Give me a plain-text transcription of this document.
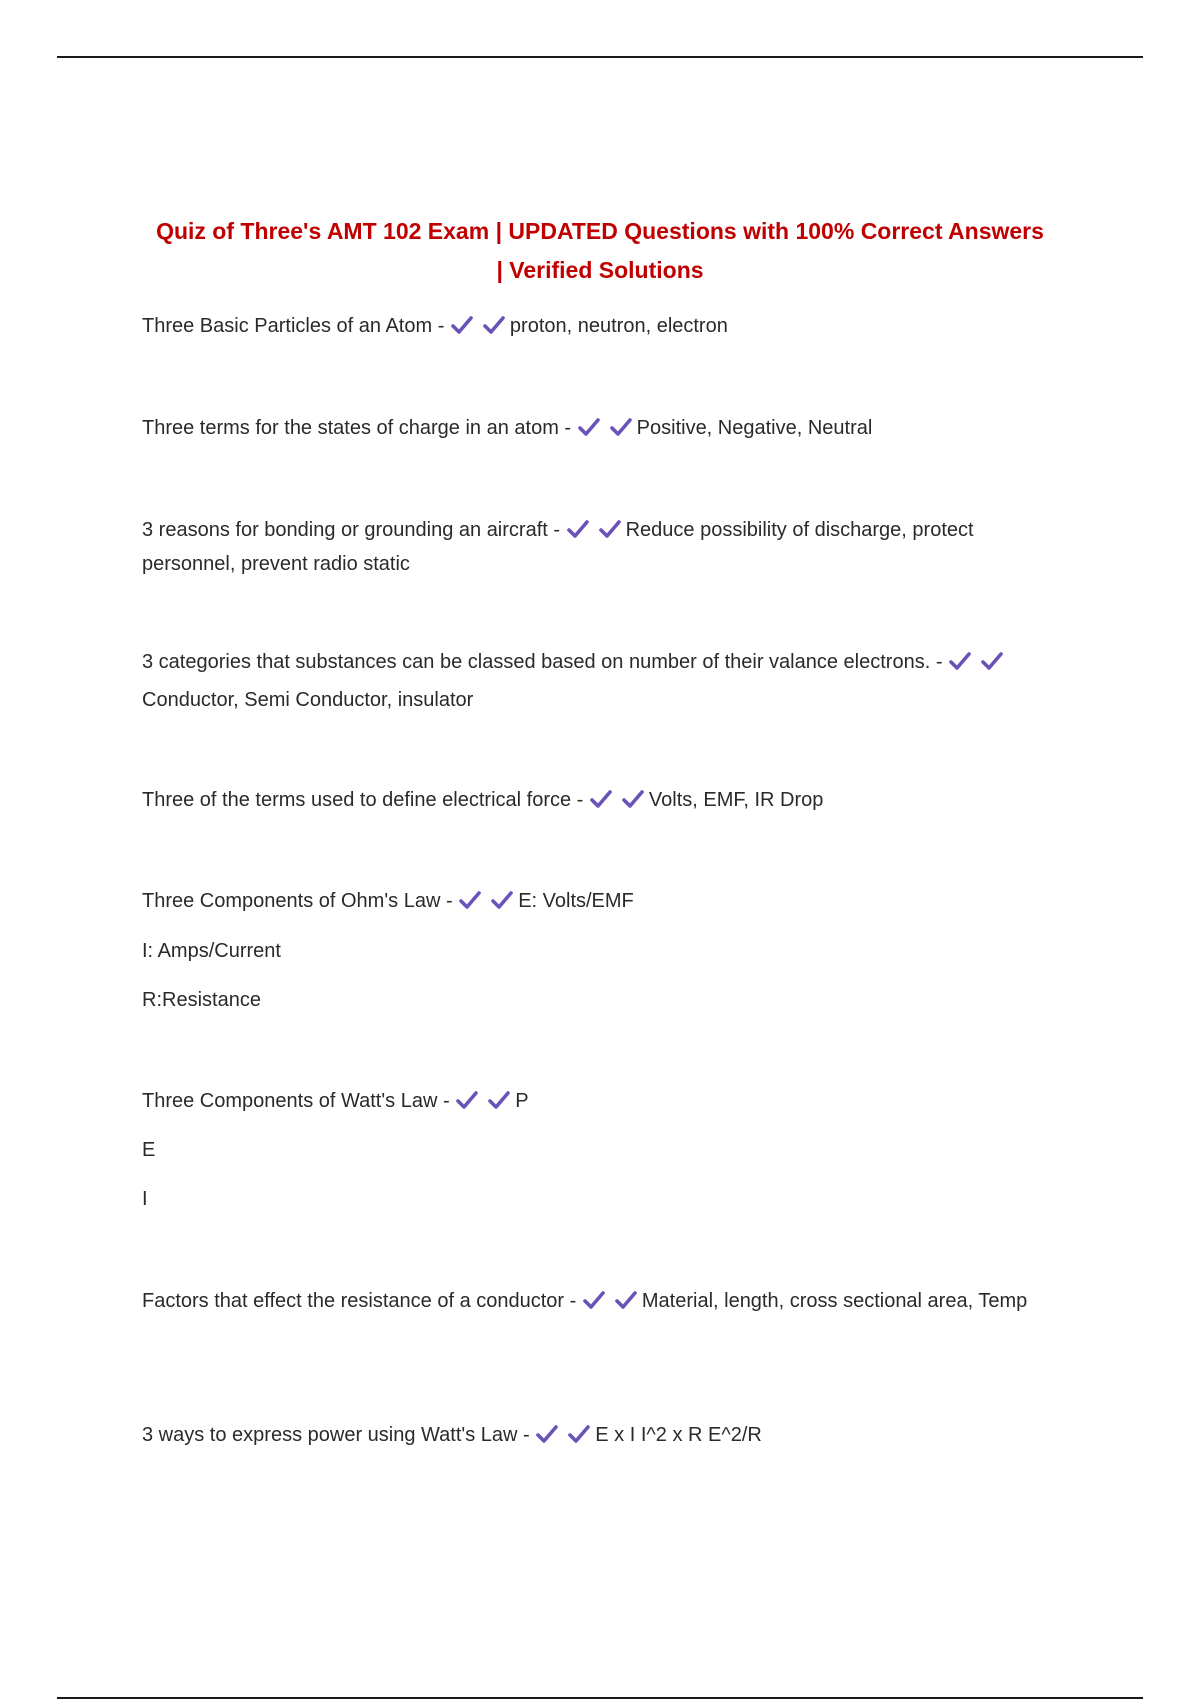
Quiz of Three's AMT 102 Exam | UPDATED Questions with 100% Correct Answers | Verified Solutions
Three Basic Particles of an Atom -	proton, neutron, electron
Three terms for the states of charge in an atom -	Positive, Negative, Neutral
3 reasons for bonding or grounding an aircraft -	Reduce possibility of discharge, protect personnel, prevent radio static
3 categories that substances can be classed based on number of their valance electrons. -
Conductor, Semi Conductor, insulator
Three of the terms used to define electrical force -	Volts, EMF, IR Drop
Three Components of Ohm's Law -	E: Volts/EMF
I: Amps/Current
R:Resistance
Three Components of Watt's Law -	P
E
I
Factors that effect the resistance of a conductor -	Material, length, cross sectional area, Temp
3 ways to express power using Watt's Law -	E x I I^2 x R E^2/R
